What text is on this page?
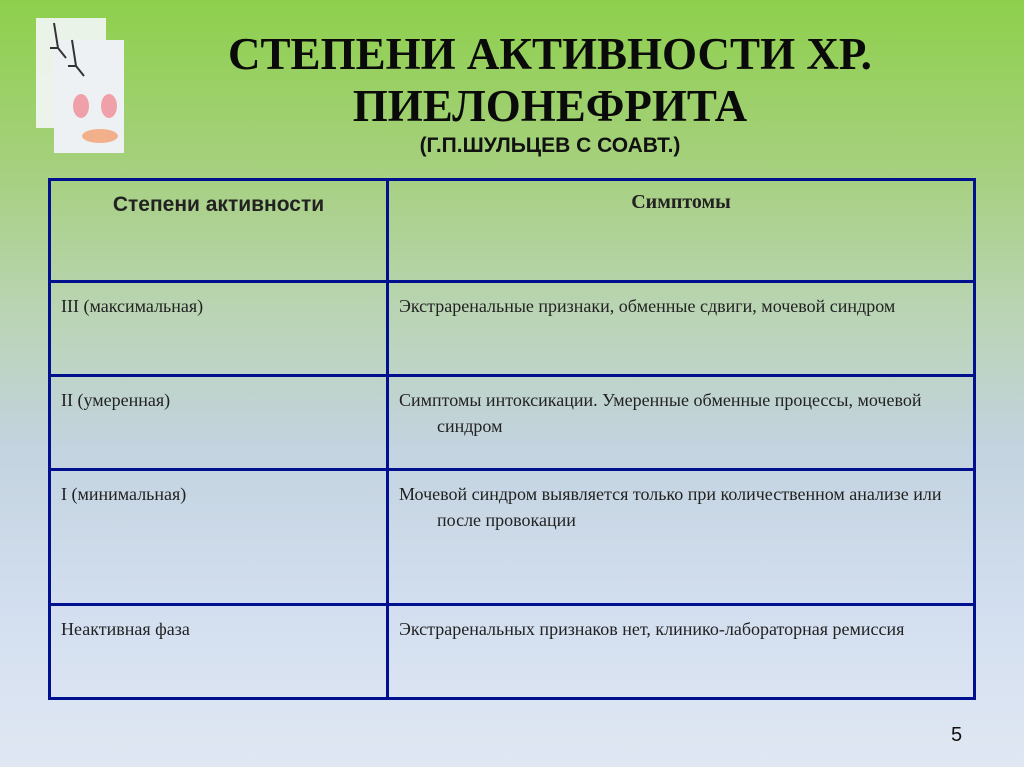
СТЕПЕНИ АКТИВНОСТИ ХР.
ПИЕЛОНЕФРИТА
(Г.П.ШУЛЬЦЕВ С СОАВТ.)
Степени активности	Симптомы
III (максимальная)	Экстраренальные признаки, обменные сдвиги, мочевой синдром

II (умеренная)	Симптомы интоксикации. Умеренные обменные процессы, мочевой синдром

I (минимальная)	Мочевой синдром выявляется только при количественном анализе или после провокации

Неактивная фаза	Экстраренальных признаков нет, клинико-лабораторная ремиссия
5
